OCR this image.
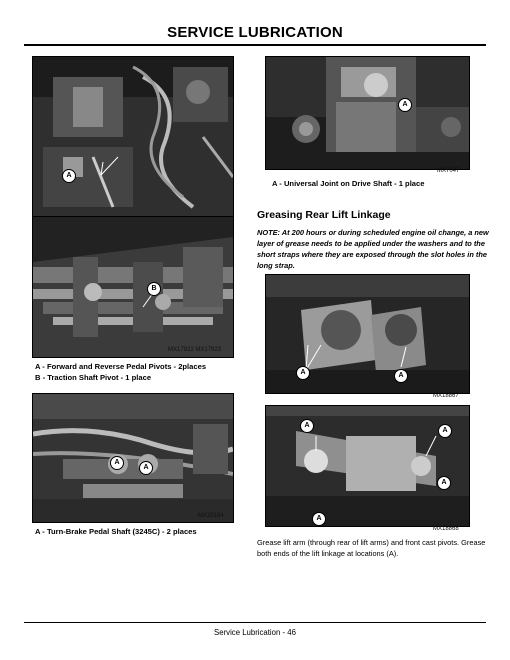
SERVICE LUBRICATION
A
B
MX17922 MX17923
A - Forward and Reverse Pedal Pivots - 2places
B - Traction Shaft Pivot - 1 place
A
A
MX20184
A - Turn-Brake Pedal Shaft (3245C) - 2 places
A
MX7047
A - Universal Joint on Drive Shaft - 1 place
Greasing Rear Lift Linkage
NOTE: At 200 hours or during scheduled engine oil change, a new layer of grease needs to be applied under the washers and to the short straps where they are exposed through the slot holes in the long strap.
A	A
MX18867
A
A
A
A
MX18868
Grease lift arm (through rear of lift arms) and front cast pivots. Grease both ends of the lift linkage at locations (A).
Service Lubrication - 46
